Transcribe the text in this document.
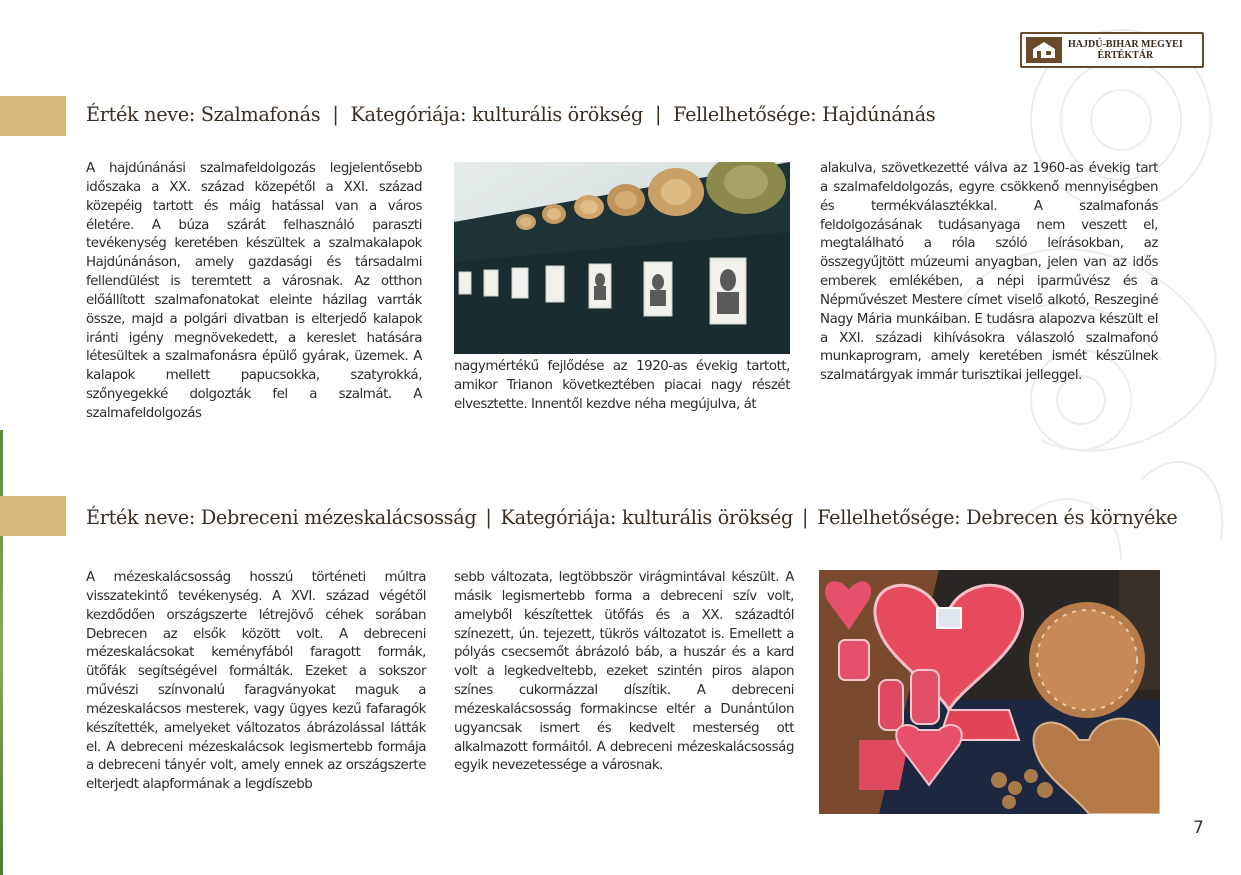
HAJDÚ-BIHAR MEGYEI
ÉRTÉKTÁR
Érték neve: Szalmafonás | Kategóriája: kulturális örökség | Fellelhetősége: Hajdúnánás

A hajdúnánási szalmafeldolgozás legjelentősebb időszaka a XX. század közepétől a XXI. század közepéig tartott és máig hatással van a város életére. A búza szárát felhasználó paraszti tevékenység keretében készültek a szalmakalapok Hajdúnánáson, amely gazdasági és társadalmi fellendülést is teremtett a városnak. Az otthon előállított szalmafonatokat eleinte házilag varrták össze, majd a polgári divatban is elterjedő kalapok iránti igény megnövekedett, a kereslet hatására létesültek a szalmafonásra épülő gyárak, üzemek. A kalapok mellett papucsokka, szatyrokká, szőnyegekké dolgozták fel a szalmát. A szalmafeldolgozás

nagymértékű fejlődése az 1920-as évekig tartott, amikor Trianon következtében piacai nagy részét elvesztette. Innentől kezdve néha megújulva, át

alakulva, szövetkezetté válva az 1960-as évekig tart a szalmafeldolgozás, egyre csökkenő mennyiségben és termékválasztékkal. A szalmafonás feldolgozásának tudásanyaga nem veszett el, megtalálható a róla szóló leírásokban, az összegyűjtött múzeumi anyagban, jelen van az idős emberek emlékében, a népi iparművész és a Népművészet Mestere címet viselő alkotó, Reszeginé Nagy Mária munkáiban. E tudásra alapozva készült el a XXI. századi kihívásokra válaszoló szalmafonó munkaprogram, amely keretében ismét készülnek szalmatárgyak immár turisztikai jelleggel.

Érték neve: Debreceni mézeskalácsosság | Kategóriája: kulturális örökség | Fellelhetősége: Debrecen és környéke

A mézeskalácsosság hosszú történeti múltra visszatekintő tevékenység. A XVI. század végétől kezdődően országszerte létrejövő céhek sorában Debrecen az elsők között volt. A debreceni mézeskalácsokat keményfából faragott formák, ütőfák segítségével formálták. Ezeket a sokszor művészi színvonalú faragványokat maguk a mézeskalácsos mesterek, vagy ügyes kezű fafaragók készítették, amelyeket változatos ábrázolással látták el. A debreceni mézeskalácsok legismertebb formája a debreceni tányér volt, amely ennek az országszerte elterjedt alapformának a legdíszebb

sebb változata, legtöbbször virágmintával készült. A másik legismertebb forma a debreceni szív volt, amelyből készítettek ütőfás és a XX. századtól színezett, ún. tejezett, tükrös változatot is. Emellett a pólyás csecsemőt ábrázoló báb, a huszár és a kard volt a legkedveltebb, ezeket szintén piros alapon színes cukormázzal díszítik. A debreceni mézeskalácsosság formakincse eltér a Dunántúlon ugyancsak ismert és kedvelt mesterség ott alkalmazott formáitól. A debreceni mézeskalácsosság egyik nevezetessége a városnak.

7
